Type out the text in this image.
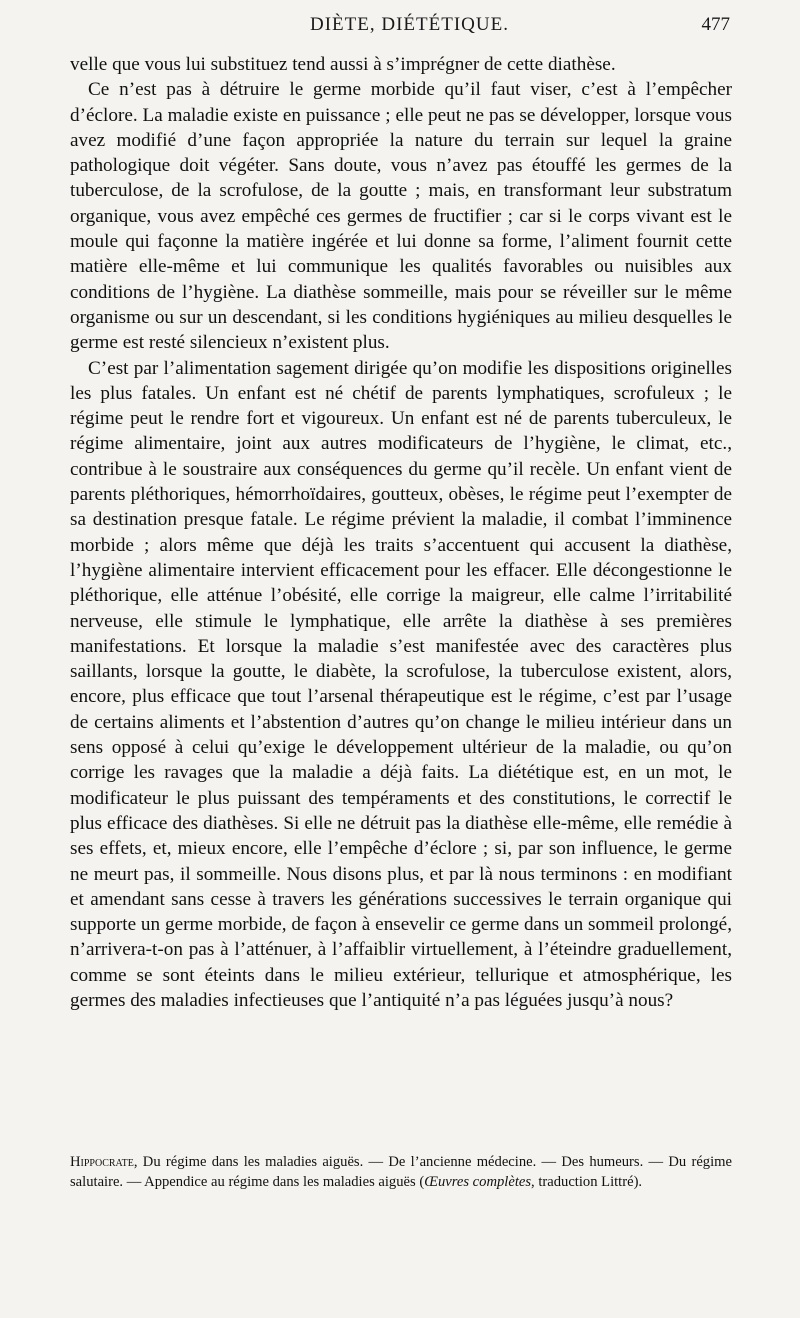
DIÈTE, DIÉTÉTIQUE.	477

velle que vous lui substituez tend aussi à s’imprégner de cette diathèse.

Ce n’est pas à détruire le germe morbide qu’il faut viser, c’est à l’empêcher d’éclore. La maladie existe en puissance ; elle peut ne pas se développer, lorsque vous avez modifié d’une façon appropriée la nature du terrain sur lequel la graine pathologique doit végéter. Sans doute, vous n’avez pas étouffé les germes de la tuberculose, de la scrofulose, de la goutte ; mais, en transformant leur substratum organique, vous avez empêché ces germes de fructifier ; car si le corps vivant est le moule qui façonne la matière ingérée et lui donne sa forme, l’aliment fournit cette matière elle-même et lui communique les qualités favorables ou nuisibles aux conditions de l’hygiène. La diathèse sommeille, mais pour se réveiller sur le même organisme ou sur un descendant, si les conditions hygiéniques au milieu desquelles le germe est resté silencieux n’existent plus.

C’est par l’alimentation sagement dirigée qu’on modifie les dispositions originelles les plus fatales. Un enfant est né chétif de parents lymphatiques, scrofuleux ; le régime peut le rendre fort et vigoureux. Un enfant est né de parents tuberculeux, le régime alimentaire, joint aux autres modificateurs de l’hygiène, le climat, etc., contribue à le soustraire aux conséquences du germe qu’il recèle. Un enfant vient de parents pléthoriques, hémorrhoïdaires, goutteux, obèses, le régime peut l’exempter de sa destination presque fatale. Le régime prévient la maladie, il combat l’imminence morbide ; alors même que déjà les traits s’accentuent qui accusent la diathèse, l’hygiène alimentaire intervient efficacement pour les effacer. Elle décongestionne le pléthorique, elle atténue l’obésité, elle corrige la maigreur, elle calme l’irritabilité nerveuse, elle stimule le lymphatique, elle arrête la diathèse à ses premières manifestations. Et lorsque la maladie s’est manifestée avec des caractères plus saillants, lorsque la goutte, le diabète, la scrofulose, la tuberculose existent, alors, encore, plus efficace que tout l’arsenal thérapeutique est le régime, c’est par l’usage de certains aliments et l’abstention d’autres qu’on change le milieu intérieur dans un sens opposé à celui qu’exige le développement ultérieur de la maladie, ou qu’on corrige les ravages que la maladie a déjà faits. La diététique est, en un mot, le modificateur le plus puissant des tempéraments et des constitutions, le correctif le plus efficace des diathèses. Si elle ne détruit pas la diathèse elle-même, elle remédie à ses effets, et, mieux encore, elle l’empêche d’éclore ; si, par son influence, le germe ne meurt pas, il sommeille. Nous disons plus, et par là nous terminons : en modifiant et amendant sans cesse à travers les générations successives le terrain organique qui supporte un germe morbide, de façon à ensevelir ce germe dans un sommeil prolongé, n’arrivera-t-on pas à l’atténuer, à l’affaiblir virtuellement, à l’éteindre graduellement, comme se sont éteints dans le milieu extérieur, tellurique et atmosphérique, les germes des maladies infectieuses que l’antiquité n’a pas léguées jusqu’à nous?

Hippocrate, Du régime dans les maladies aiguës. — De l’ancienne médecine. — Des humeurs. — Du régime salutaire. — Appendice au régime dans les maladies aiguës (Œuvres complètes, traduction Littré).
